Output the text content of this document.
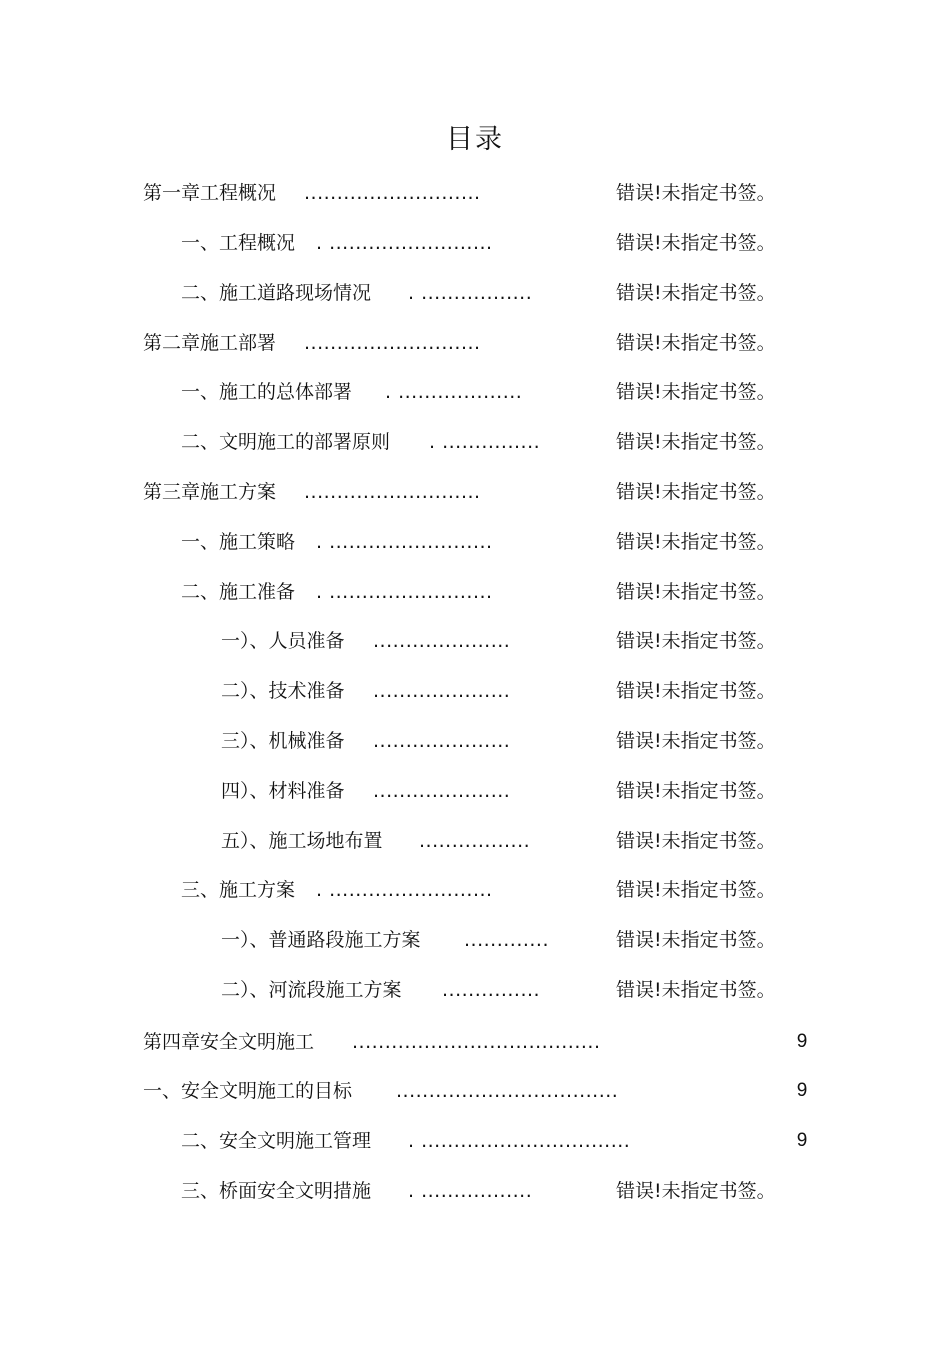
目录
第一章工程概况 ...........................	错误!未指定书签。
一、工程概况 . .........................	错误!未指定书签。
二、施工道路现场情况 . .................	错误!未指定书签。
第二章施工部署 ...........................	错误!未指定书签。
一、施工的总体部署 . ...................	错误!未指定书签。
二、文明施工的部署原则 . ...............	错误!未指定书签。
第三章施工方案 ...........................	错误!未指定书签。
一、施工策略 . .........................	错误!未指定书签。
二、施工准备 . .........................	错误!未指定书签。
一）、人员准备 .....................	错误!未指定书签。
二）、技术准备 .....................	错误!未指定书签。
三）、机械准备 .....................	错误!未指定书签。
四）、材料准备 .....................	错误!未指定书签。
五）、施工场地布置 .................	错误!未指定书签。
三、施工方案 . .........................	错误!未指定书签。
一）、普通路段施工方案 .............	错误!未指定书签。
二）、河流段施工方案 ...............	错误!未指定书签。
第四章安全文明施工 ......................................	9
一、安全文明施工的目标 ..................................	9
二、安全文明施工管理 . ................................	9
三、桥面安全文明措施 . .................	错误!未指定书签。
